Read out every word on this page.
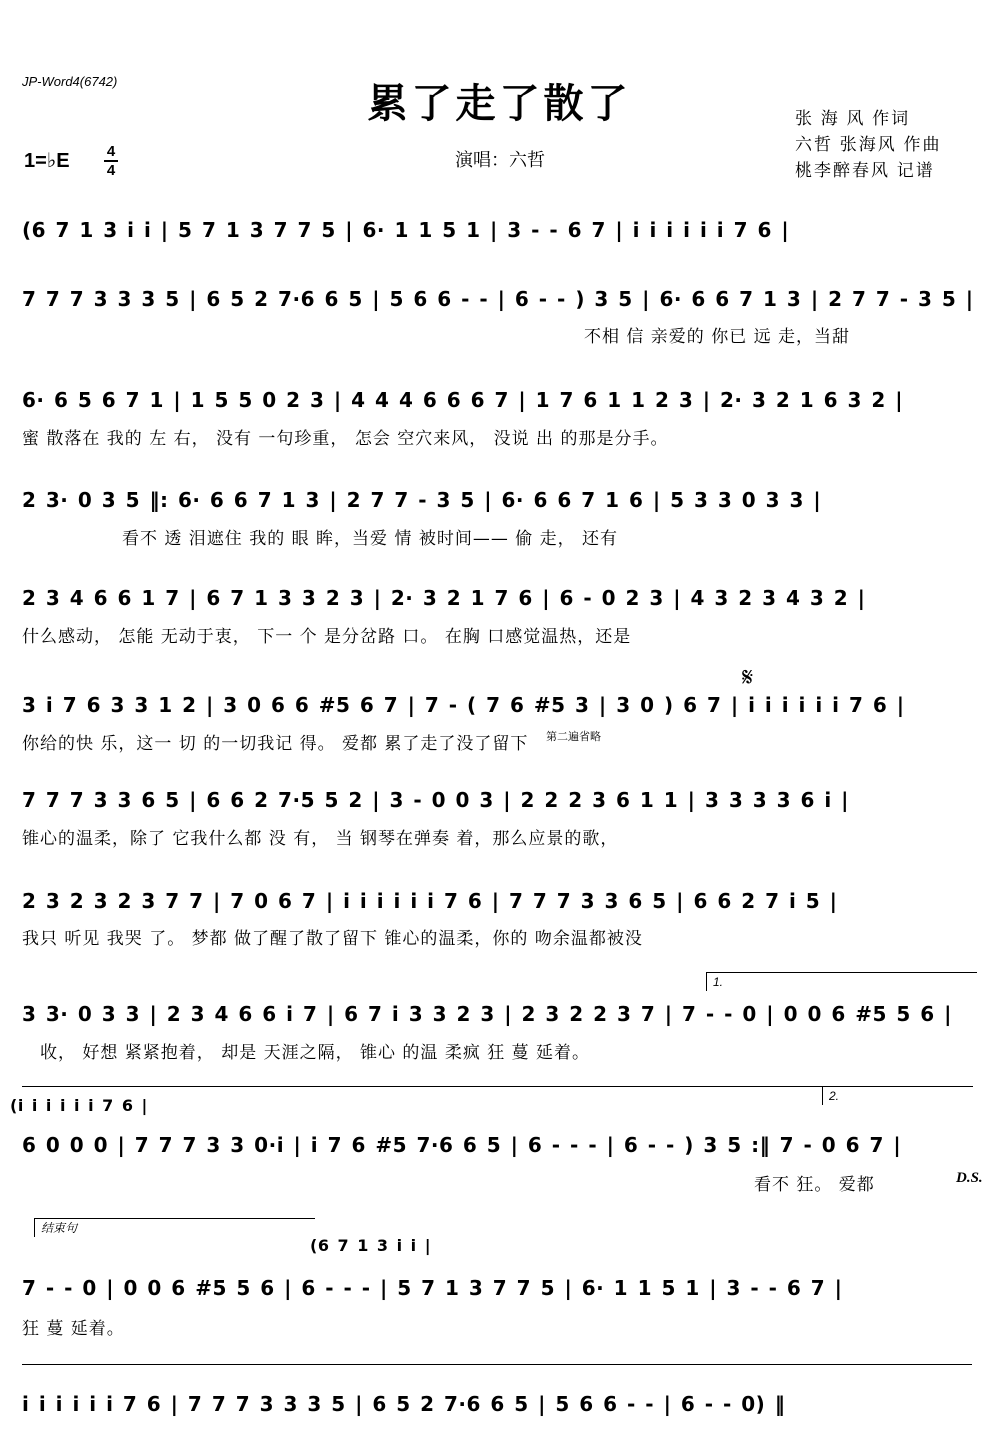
JP-Word4(6742)	累了走了散了
1=♭E 4
4
演唱：六哲
张 海 风 作词
六哲 张海风 作曲
桃李醉春风 记谱
(6 7 1 3 i i | 5 7 1 3 7 7 5 | 6· 1 1 5 1 | 3 - - 6 7 | i i i i i i 7 6 |
7 7 7 3 3 3 5 | 6 5 2 7·6 6 5 | 5 6 6 - - | 6 - - ) 3 5 | 6· 6 6 7 1 3 | 2 7 7 - 3 5 |
不相 信 亲爱的 你已 远 走，当甜
6· 6 5 6 7 1 | 1 5 5 0 2 3 | 4 4 4 6 6 6 7 | 1 7 6 1 1 2 3 | 2· 3 2 1 6 3 2 |
蜜 散落在 我的 左 右， 没有 一句珍重， 怎会 空穴来风， 没说 出 的那是分手。
2 3· 0 3 5 ‖: 6· 6 6 7 1 3 | 2 7 7 - 3 5 | 6· 6 6 7 1 6 | 5 3 3 0 3 3 |
看不 透 泪遮住 我的 眼 眸，当爱 情 被时间—— 偷 走， 还有
2 3 4 6 6 1 7 | 6 7 1 3 3 2 3 | 2· 3 2 1 7 6 | 6 - 0 2 3 | 4 3 2 3 4 3 2 |
什么感动， 怎能 无动于衷， 下一 个 是分岔路 口。 在胸 口感觉温热，还是
𝄋
3 i 7 6 3 3 1 2 | 3 0 6 6 #5 6 7 | 7 - ( 7 6 #5 3 | 3 0 ) 6 7 | i i i i i i 7 6 |
你给的快 乐，这一 切 的一切我记 得。 爱都 累了走了没了留下 第二遍省略
7 7 7 3 3 6 5 | 6 6 2 7·5 5 2 | 3 - 0 0 3 | 2 2 2 3 6 1 1 | 3 3 3 3 6 i |
锥心的温柔，除了 它我什么都 没 有， 当 钢琴在弹奏 着，那么应景的歌，
2 3 2 3 2 3 7 7 | 7 0 6 7 | i i i i i i 7 6 | 7 7 7 3 3 6 5 | 6 6 2 7 i 5 |
我只 听见 我哭 了。 梦都 做了醒了散了留下 锥心的温柔，你的 吻余温都被没
1.
3 3· 0 3 3 | 2 3 4 6 6 i 7 | 6 7 i 3 3 2 3 | 2 3 2 2 3 7 | 7 - - 0 | 0 0 6 #5 5 6 |
收， 好想 紧紧抱着， 却是 天涯之隔， 锥心 的温 柔疯 狂 蔓 延着。
(i i i i i i 7 6 |	2.
6 0 0 0 | 7 7 7 3 3 0·i | i 7 6 #5 7·6 6 5 | 6 - - - | 6 - - ) 3 5 :‖ 7 - 0 6 7 |
看不 狂。 爱都	D.S.
结束句
(6 7 1 3 i i |
7 - - 0 | 0 0 6 #5 5 6 | 6 - - - | 5 7 1 3 7 7 5 | 6· 1 1 5 1 | 3 - - 6 7 |
狂 蔓 延着。
i i i i i i 7 6 | 7 7 7 3 3 3 5 | 6 5 2 7·6 6 5 | 5 6 6 - - | 6 - - 0) ‖
